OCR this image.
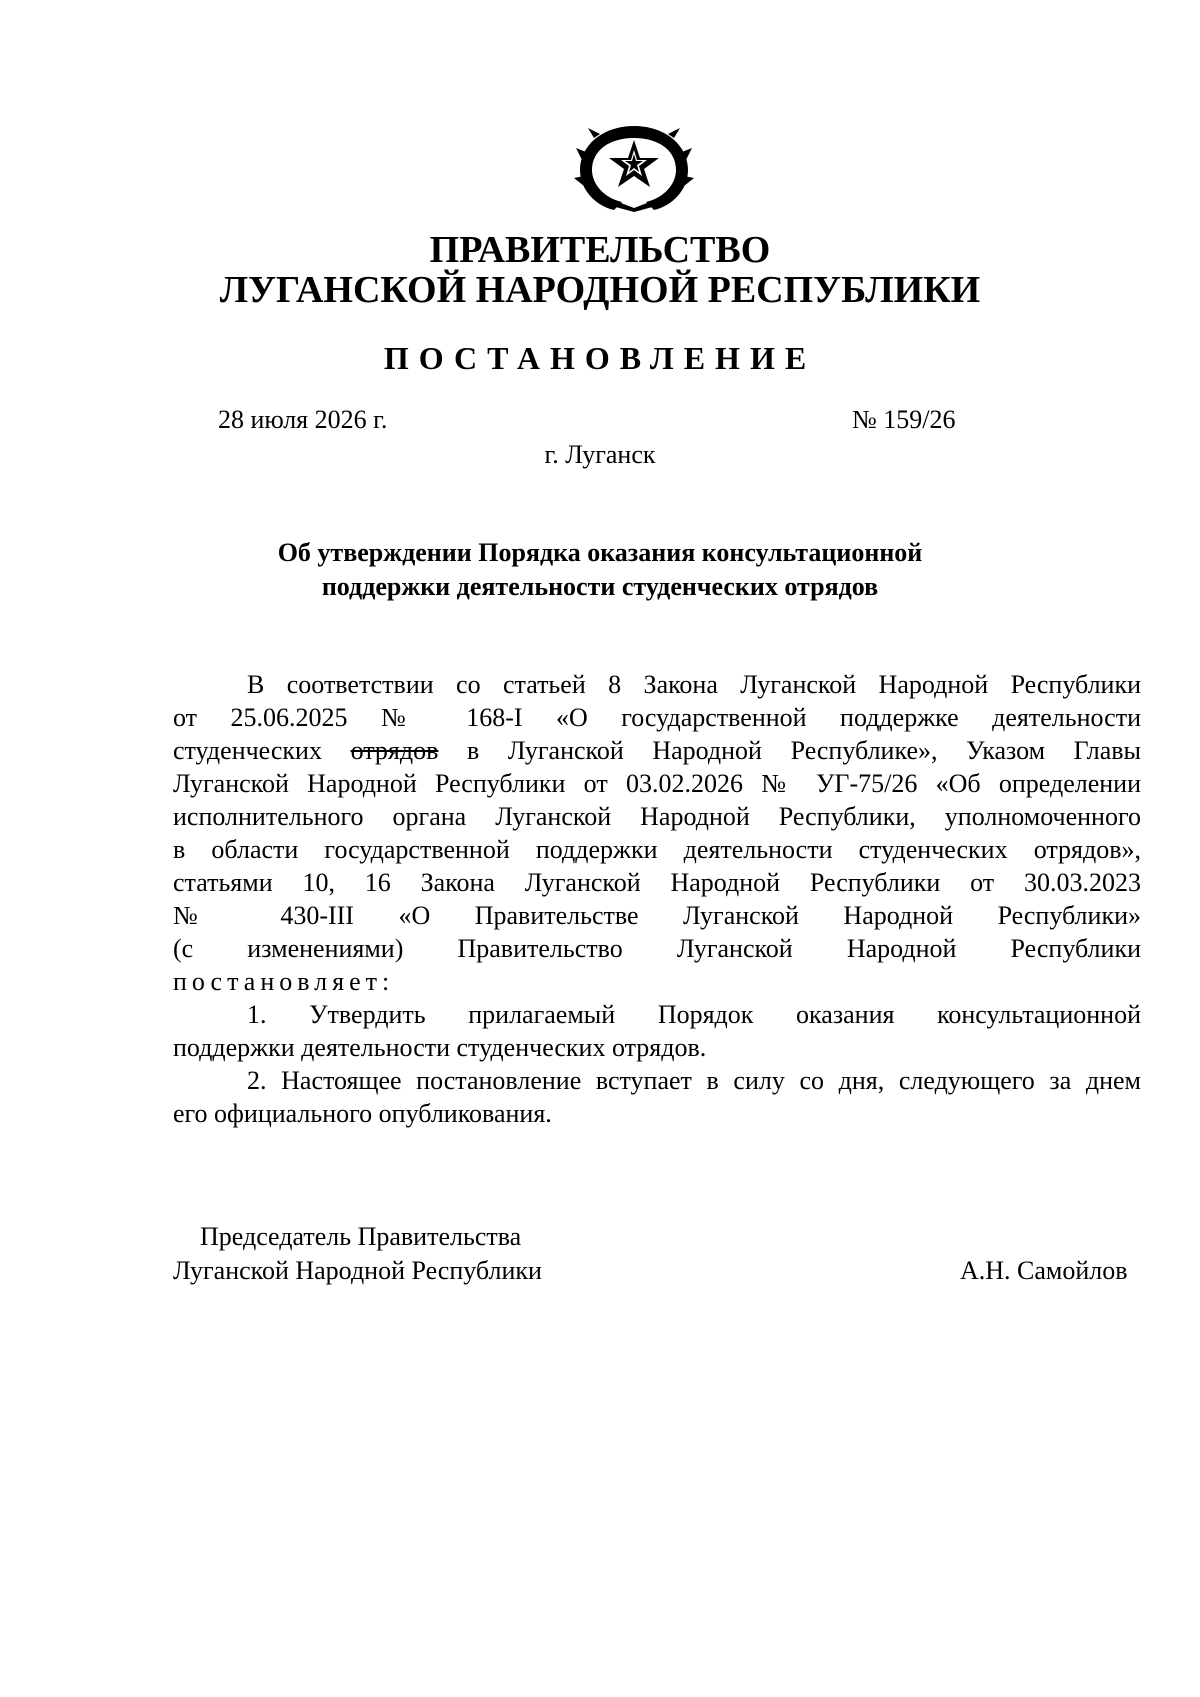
ПРАВИТЕЛЬСТВО
ЛУГАНСКОЙ НАРОДНОЙ РЕСПУБЛИКИ
ПОСТАНОВЛЕНИЕ
28 июля 2026 г.	№ 159/26
г. Луганск
Об утверждении Порядка оказания консультационной
поддержки деятельности студенческих отрядов
В соответствии со статьей 8 Закона Луганской Народной Республики
от 25.06.2025 № 168-I «О государственной поддержке деятельности
студенческих отрядов в Луганской Народной Республике», Указом Главы
Луганской Народной Республики от 03.02.2026 № УГ-75/26 «Об определении
исполнительного органа Луганской Народной Республики, уполномоченного
в области государственной поддержки деятельности студенческих отрядов»,
статьями 10, 16 Закона Луганской Народной Республики от 30.03.2023
№ 430-III «О Правительстве Луганской Народной Республики»
(с изменениями) Правительство Луганской Народной Республики
постановляет:
1. Утвердить прилагаемый Порядок оказания консультационной
поддержки деятельности студенческих отрядов.
2. Настоящее постановление вступает в силу со дня, следующего за днем
его официального опубликования.
Председатель Правительства
Луганской Народной Республики	А.Н. Самойлов
